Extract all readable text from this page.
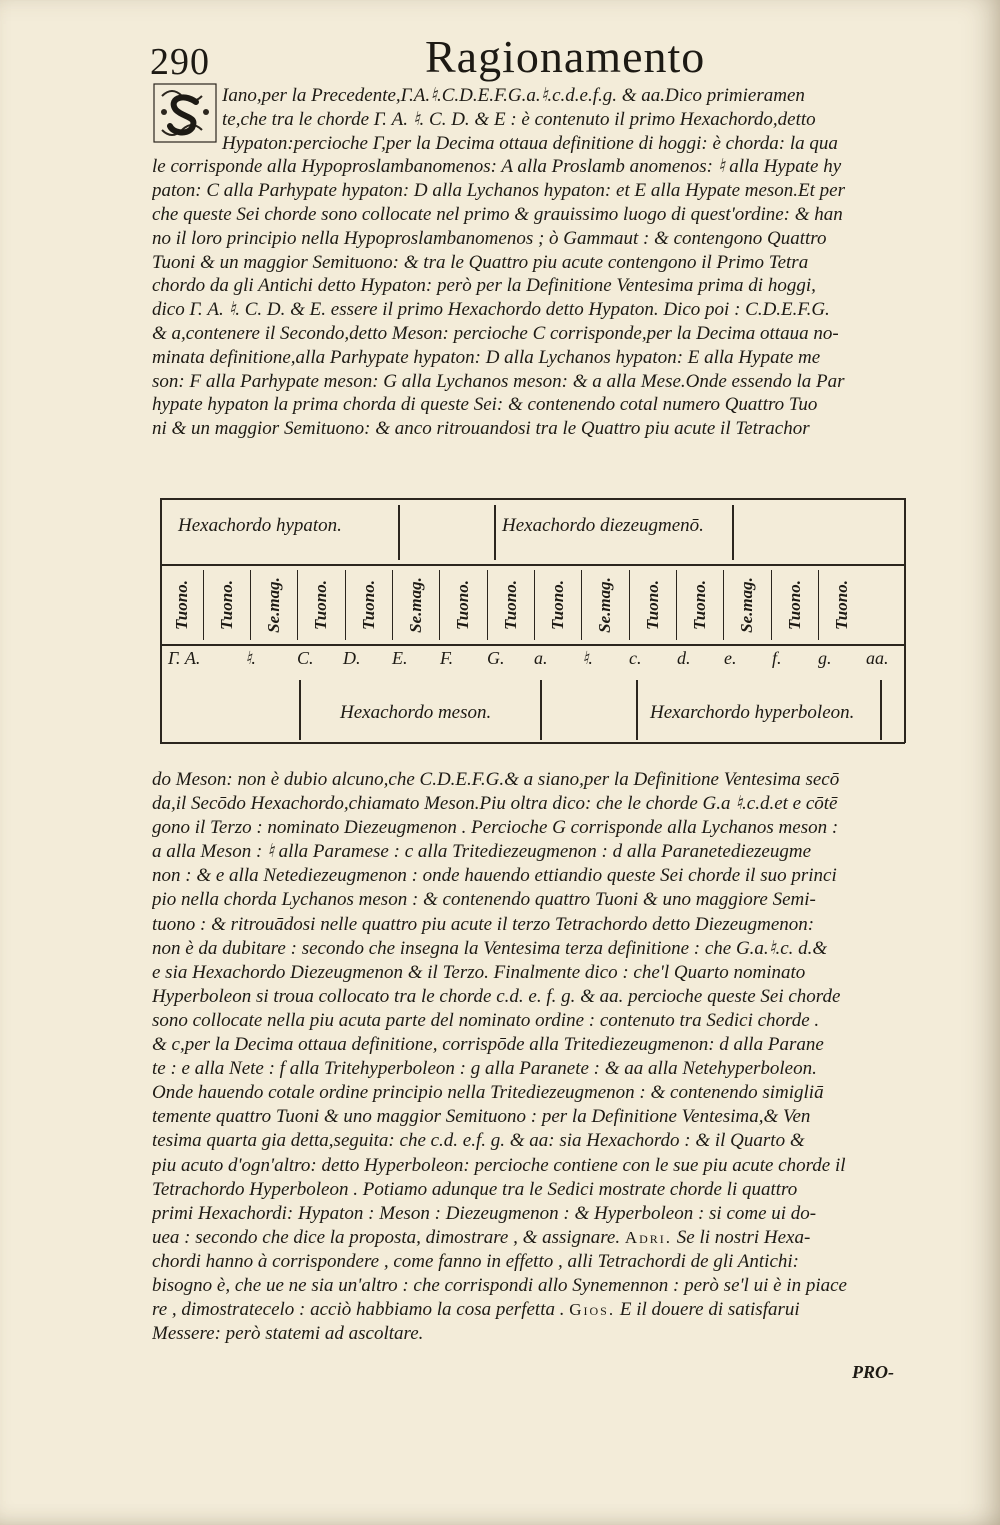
290	Ragionamento
Iano,per la Precedente,Γ.A.♮.C.D.E.F.G.a.♮.c.d.e.f.g. & aa.Dico primieramen
te,che tra le chorde Γ. A. ♮. C. D. & E : è contenuto il primo Hexachordo,detto
Hypaton:percioche Γ,per la Decima ottaua definitione di hoggi: è chorda: la qua
le corrisponde alla Hypoproslambanomenos: A alla Proslamb anomenos: ♮ alla Hypate hy
paton: C alla Parhypate hypaton: D alla Lychanos hypaton: et E alla Hypate meson.Et per
che queste Sei chorde sono collocate nel primo & grauissimo luogo di quest'ordine: & han
no il loro principio nella Hypoproslambanomenos ; ò Gammaut : & contengono Quattro
Tuoni & un maggior Semituono: & tra le Quattro piu acute contengono il Primo Tetra
chordo da gli Antichi detto Hypaton: però per la Definitione Ventesima prima di hoggi,
dico Γ. A. ♮. C. D. & E. essere il primo Hexachordo detto Hypaton. Dico poi : C.D.E.F.G.
& a,contenere il Secondo,detto Meson: percioche C corrisponde,per la Decima ottaua no-
minata definitione,alla Parhypate hypaton: D alla Lychanos hypaton: E alla Hypate me
son: F alla Parhypate meson: G alla Lychanos meson: & a alla Mese.Onde essendo la Par
hypate hypaton la prima chorda di queste Sei: & contenendo cotal numero Quattro Tuo
ni & un maggior Semituono: & anco ritrouandosi tra le Quattro piu acute il Tetrachor
Hexachordo hypaton.	Hexachordo diezeugmenō.
Hexachordo meson.	Hexarchordo hyperboleon.
Tuono. Tuono. Se.mag. Tuono. Tuono. Se.mag. Tuono. Tuono. Tuono. Se.mag. Tuono. Tuono. Se.mag. Tuono. Tuono.
Γ. A. ♮. C. D. E. F. G. a. ♮. c. d. e. f. g. aa.
do Meson: non è dubio alcuno,che C.D.E.F.G.& a siano,per la Definitione Ventesima secō
da,il Secōdo Hexachordo,chiamato Meson.Piu oltra dico: che le chorde G.a ♮.c.d.et e cōtē
gono il Terzo : nominato Diezeugmenon . Percioche G corrisponde alla Lychanos meson :
a alla Meson : ♮ alla Paramese : c alla Tritediezeugmenon : d alla Paranetediezeugme
non : & e alla Netediezeugmenon : onde hauendo ettiandio queste Sei chorde il suo princi
pio nella chorda Lychanos meson : & contenendo quattro Tuoni & uno maggiore Semi-
tuono : & ritrouādosi nelle quattro piu acute il terzo Tetrachordo detto Diezeugmenon:
non è da dubitare : secondo che insegna la Ventesima terza definitione : che G.a.♮.c. d.&
e sia Hexachordo Diezeugmenon & il Terzo. Finalmente dico : che'l Quarto nominato
Hyperboleon si troua collocato tra le chorde c.d. e. f. g. & aa. percioche queste Sei chorde
sono collocate nella piu acuta parte del nominato ordine : contenuto tra Sedici chorde .
& c,per la Decima ottaua definitione, corrispōde alla Tritediezeugmenon: d alla Parane
te : e alla Nete : f alla Tritehyperboleon : g alla Paranete : & aa alla Netehyperboleon.
Onde hauendo cotale ordine principio nella Tritediezeugmenon : & contenendo simigliā
temente quattro Tuoni & uno maggior Semituono : per la Definitione Ventesima,& Ven
tesima quarta gia detta,seguita: che c.d. e.f. g. & aa: sia Hexachordo : & il Quarto &
piu acuto d'ogn'altro: detto Hyperboleon: percioche contiene con le sue piu acute chorde il
Tetrachordo Hyperboleon . Potiamo adunque tra le Sedici mostrate chorde li quattro
primi Hexachordi: Hypaton : Meson : Diezeugmenon : & Hyperboleon : si come ui do-
uea : secondo che dice la proposta, dimostrare , & assignare. Adri. Se li nostri Hexa-
chordi hanno à corrispondere , come fanno in effetto , alli Tetrachordi de gli Antichi:
bisogno è, che ue ne sia un'altro : che corrispondi allo Synemennon : però se'l ui è in piace
re , dimostratecelo : acciò habbiamo la cosa perfetta . Gios. E il douere di satisfarui
Messere: però statemi ad ascoltare.
PRO-
